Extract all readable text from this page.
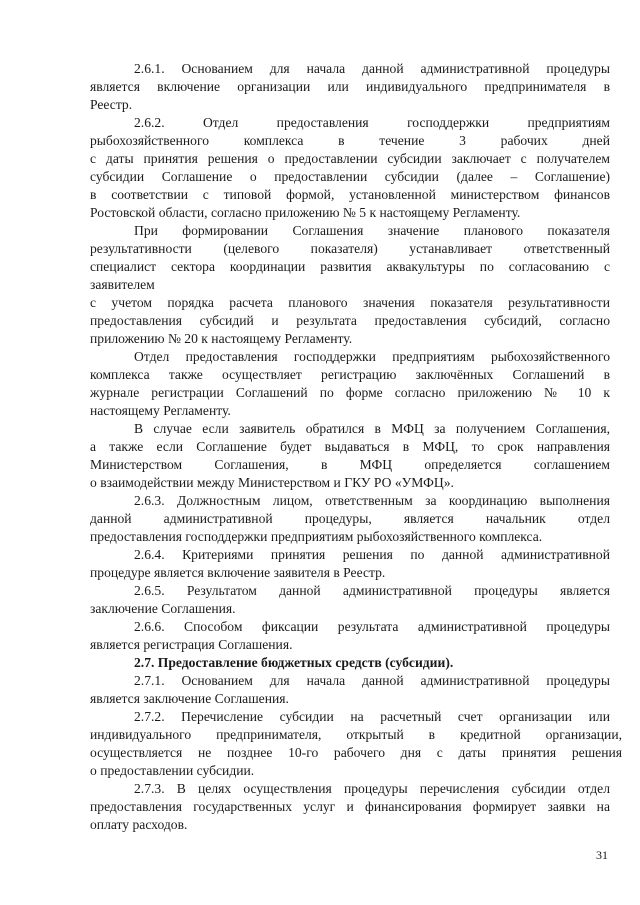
2.6.1. Основанием для начала данной административной процедуры

является включение организации или индивидуального предпринимателя в

Реестр.

2.6.2. Отдел предоставления господдержки предприятиям

рыбохозяйственного комплекса в течение 3 рабочих дней

с даты принятия решения о предоставлении субсидии заключает с получателем

субсидии Соглашение о предоставлении субсидии (далее – Соглашение)

в соответствии с типовой формой, установленной министерством финансов

Ростовской области, согласно приложению № 5 к настоящему Регламенту.

При формировании Соглашения значение планового показателя

результативности (целевого показателя) устанавливает ответственный

специалист сектора координации развития аквакультуры по согласованию с

заявителем

с учетом порядка расчета планового значения показателя результативности

предоставления субсидий и результата предоставления субсидий, согласно

приложению № 20 к настоящему Регламенту.

Отдел предоставления господдержки предприятиям рыбохозяйственного

комплекса также осуществляет регистрацию заключённых Соглашений в

журнале регистрации Соглашений по форме согласно приложению № 10 к

настоящему Регламенту.

В случае если заявитель обратился в МФЦ за получением Соглашения,

а также если Соглашение будет выдаваться в МФЦ, то срок направления

Министерством Соглашения, в МФЦ определяется соглашением

о взаимодействии между Министерством и ГКУ РО «УМФЦ».

2.6.3. Должностным лицом, ответственным за координацию выполнения

данной административной процедуры, является начальник отдел

предоставления господдержки предприятиям рыбохозяйственного комплекса.

2.6.4. Критериями принятия решения по данной административной

процедуре является включение заявителя в Реестр.

2.6.5. Результатом данной административной процедуры является

заключение Соглашения.

2.6.6. Способом фиксации результата административной процедуры

является регистрация Соглашения.

2.7. Предоставление бюджетных средств (субсидии).

2.7.1. Основанием для начала данной административной процедуры

является заключение Соглашения.

2.7.2. Перечисление субсидии на расчетный счет организации или

индивидуального предпринимателя, открытый в кредитной организации,

осуществляется не позднее 10-го рабочего дня с даты принятия решения

о предоставлении субсидии.

2.7.3. В целях осуществления процедуры перечисления субсидии отдел

предоставления государственных услуг и финансирования формирует заявки на

оплату расходов.

31
